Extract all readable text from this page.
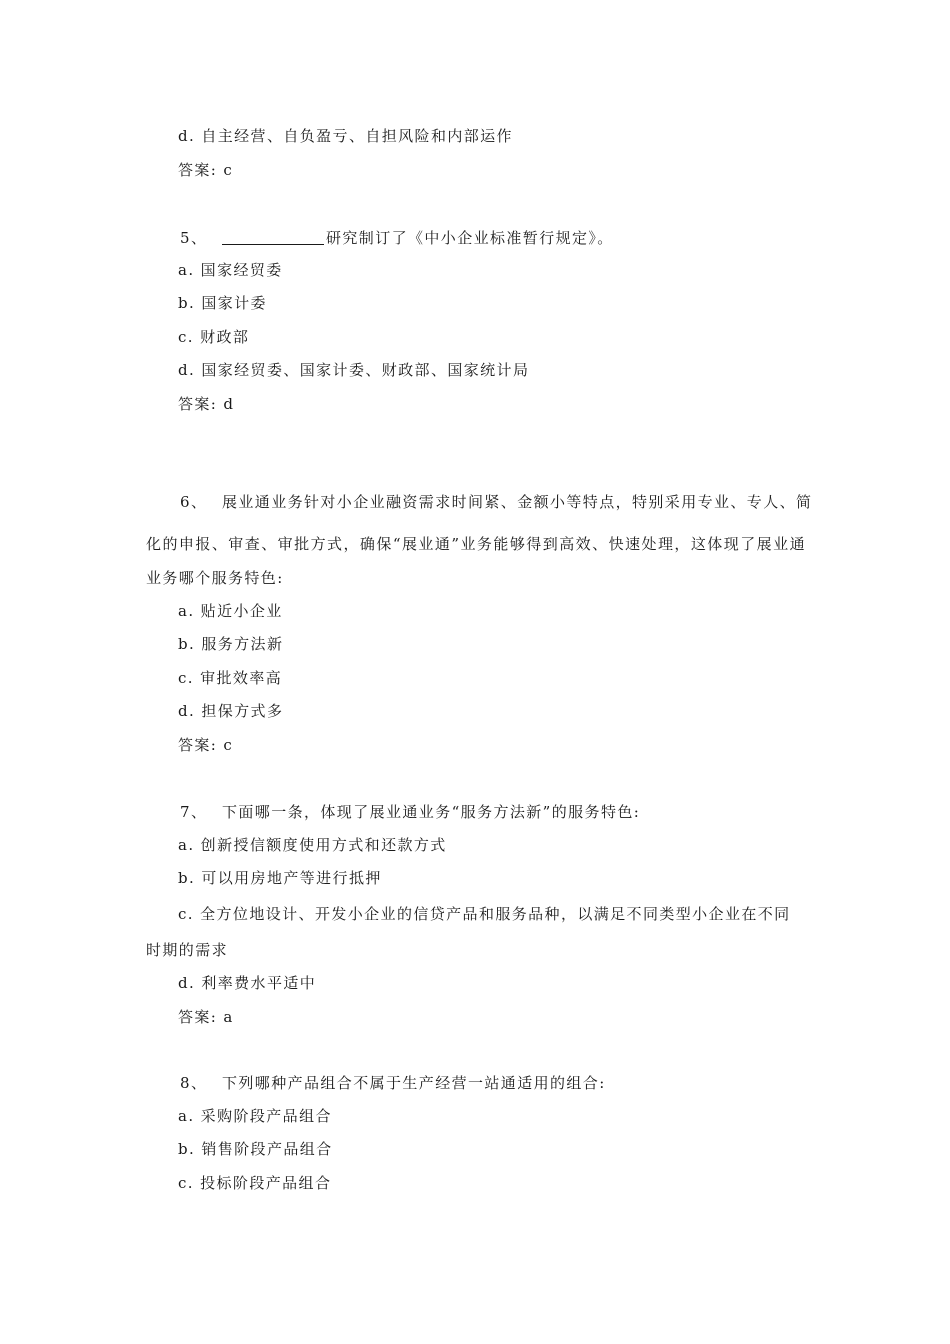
d. 自主经营、自负盈亏、自担风险和内部运作
答案: c
5、	研究制订了《中小企业标准暂行规定》。
a. 国家经贸委
b. 国家计委
c. 财政部
d. 国家经贸委、国家计委、财政部、国家统计局
答案: d
6、 展业通业务针对小企业融资需求时间紧、金额小等特点，特别采用专业、专人、简
化的申报、审查、审批方式，确保“展业通”业务能够得到高效、快速处理，这体现了展业通
业务哪个服务特色:
a. 贴近小企业
b. 服务方法新
c. 审批效率高
d. 担保方式多
答案: c
7、 下面哪一条，体现了展业通业务“服务方法新”的服务特色:
a. 创新授信额度使用方式和还款方式
b. 可以用房地产等进行抵押
c. 全方位地设计、开发小企业的信贷产品和服务品种，以满足不同类型小企业在不同
时期的需求
d. 利率费水平适中
答案: a
8、 下列哪种产品组合不属于生产经营一站通适用的组合:
a. 采购阶段产品组合
b. 销售阶段产品组合
c. 投标阶段产品组合
